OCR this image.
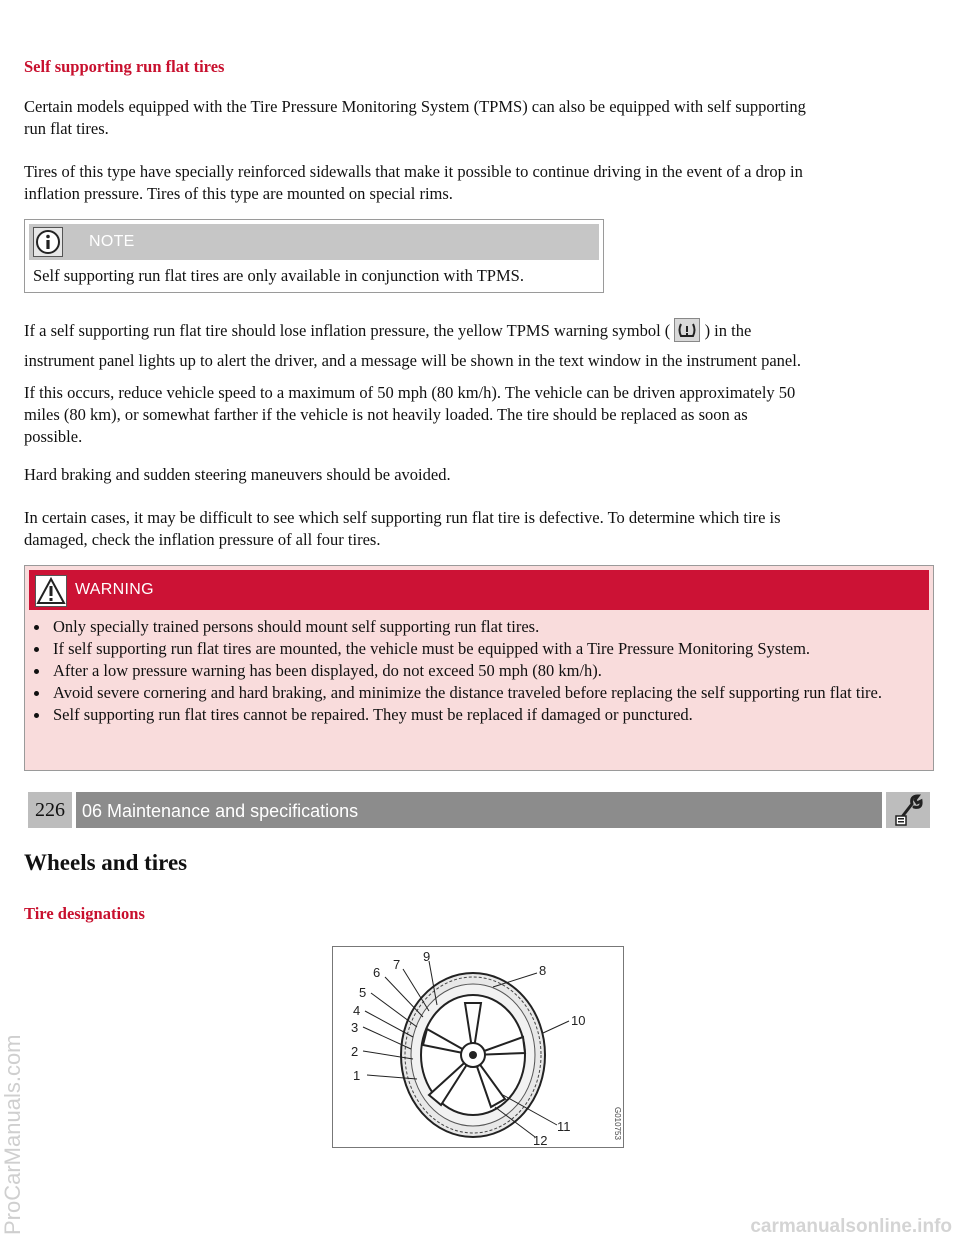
Self supporting run flat tires

Certain models equipped with the Tire Pressure Monitoring System (TPMS) can also be equipped with self supporting
run flat tires.

Tires of this type have specially reinforced sidewalls that make it possible to continue driving in the event of a drop in
inflation pressure. Tires of this type are mounted on special rims.

NOTE
Self supporting run flat tires are only available in conjunction with TPMS.

If a self supporting run flat tire should lose inflation pressure, the yellow TPMS warning symbol ( ) in the
instrument panel lights up to alert the driver, and a message will be shown in the text window in the instrument panel.

If this occurs, reduce vehicle speed to a maximum of 50 mph (80 km/h). The vehicle can be driven approximately 50
miles (80 km), or somewhat farther if the vehicle is not heavily loaded. The tire should be replaced as soon as
possible.

Hard braking and sudden steering maneuvers should be avoided.

In certain cases, it may be difficult to see which self supporting run flat tire is defective. To determine which tire is
damaged, check the inflation pressure of all four tires.

WARNING
Only specially trained persons should mount self supporting run flat tires.
If self supporting run flat tires are mounted, the vehicle must be equipped with a Tire Pressure Monitoring System.
After a low pressure warning has been displayed, do not exceed 50 mph (80 km/h).
Avoid severe cornering and hard braking, and minimize the distance traveled before replacing the self supporting run flat tire.
Self supporting run flat tires cannot be repaired. They must be replaced if damaged or punctured.
226 06 Maintenance and specifications
Wheels and tires
Tire designations
1
2
3
4
5
6
7	8
9
10
11
12
G010753
ProCarManuals.com	carmanualsonline.info
